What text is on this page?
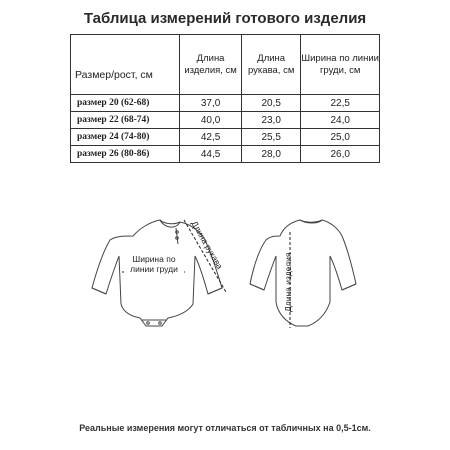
Таблица измерений готового изделия
Размер/рост, см	Длина изделия, см	Длина рукава, см	Ширина по линии груди, см
размер 20 (62-68)	37,0	20,5	22,5
размер 22 (68-74)	40,0	23,0	24,0
размер 24 (74-80)	42,5	25,5	25,0
размер 26 (80-86)	44,5	28,0	26,0
Ширина по линии груди	Длина рукава
Длина изделия
Реальные измерения могут отличаться от табличных на 0,5-1см.
